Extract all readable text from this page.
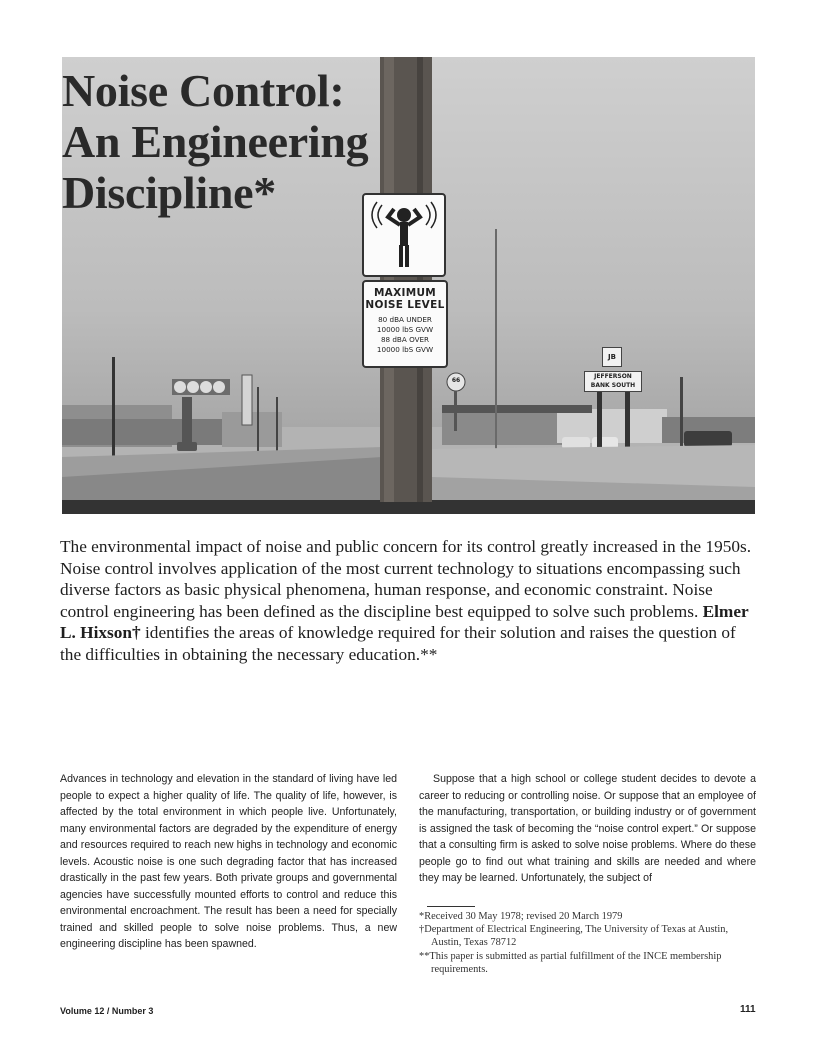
Noise Control:
An Engineering
Discipline*
MAXIMUM
NOISE LEVEL
80 dBA UNDER
10000 lbS GVW
88 dBA OVER
10000 lbS GVW
JB
JEFFERSON
BANK SOUTH
66

The environmental impact of noise and public concern for its control greatly increased in the 1950s. Noise control involves application of the most current technology to situations encompassing such diverse factors as basic physical phenomena, human response, and economic constraint. Noise control engineering has been defined as the discipline best equipped to solve such problems. Elmer L. Hixson† identifies the areas of knowledge required for their solution and raises the question of the difficulties in obtaining the necessary education.**

Advances in technology and elevation in the standard of living have led people to expect a higher quality of life. The quality of life, however, is affected by the total environment in which people live. Unfortunately, many environmental factors are degraded by the expenditure of energy and resources required to reach new highs in technology and economic levels. Acoustic noise is one such degrading factor that has increased drastically in the past few years. Both private groups and governmental agencies have successfully mounted efforts to control and reduce this environmental encroachment. The result has been a need for specially trained and skilled people to solve noise problems. Thus, a new engineering discipline has been spawned.

Suppose that a high school or college student decides to devote a career to reducing or controlling noise. Or suppose that an employee of the manufacturing, transportation, or building industry or of government is assigned the task of becoming the “noise control expert.” Or suppose that a consulting firm is asked to solve noise problems. Where do these people go to find out what training and skills are needed and where they may be learned. Unfortunately, the subject of

*Received 30 May 1978; revised 20 March 1979

†Department of Electrical Engineering, The University of Texas at Austin, Austin, Texas 78712

**This paper is submitted as partial fulfillment of the INCE membership requirements.

Volume 12 / Number 3	111
